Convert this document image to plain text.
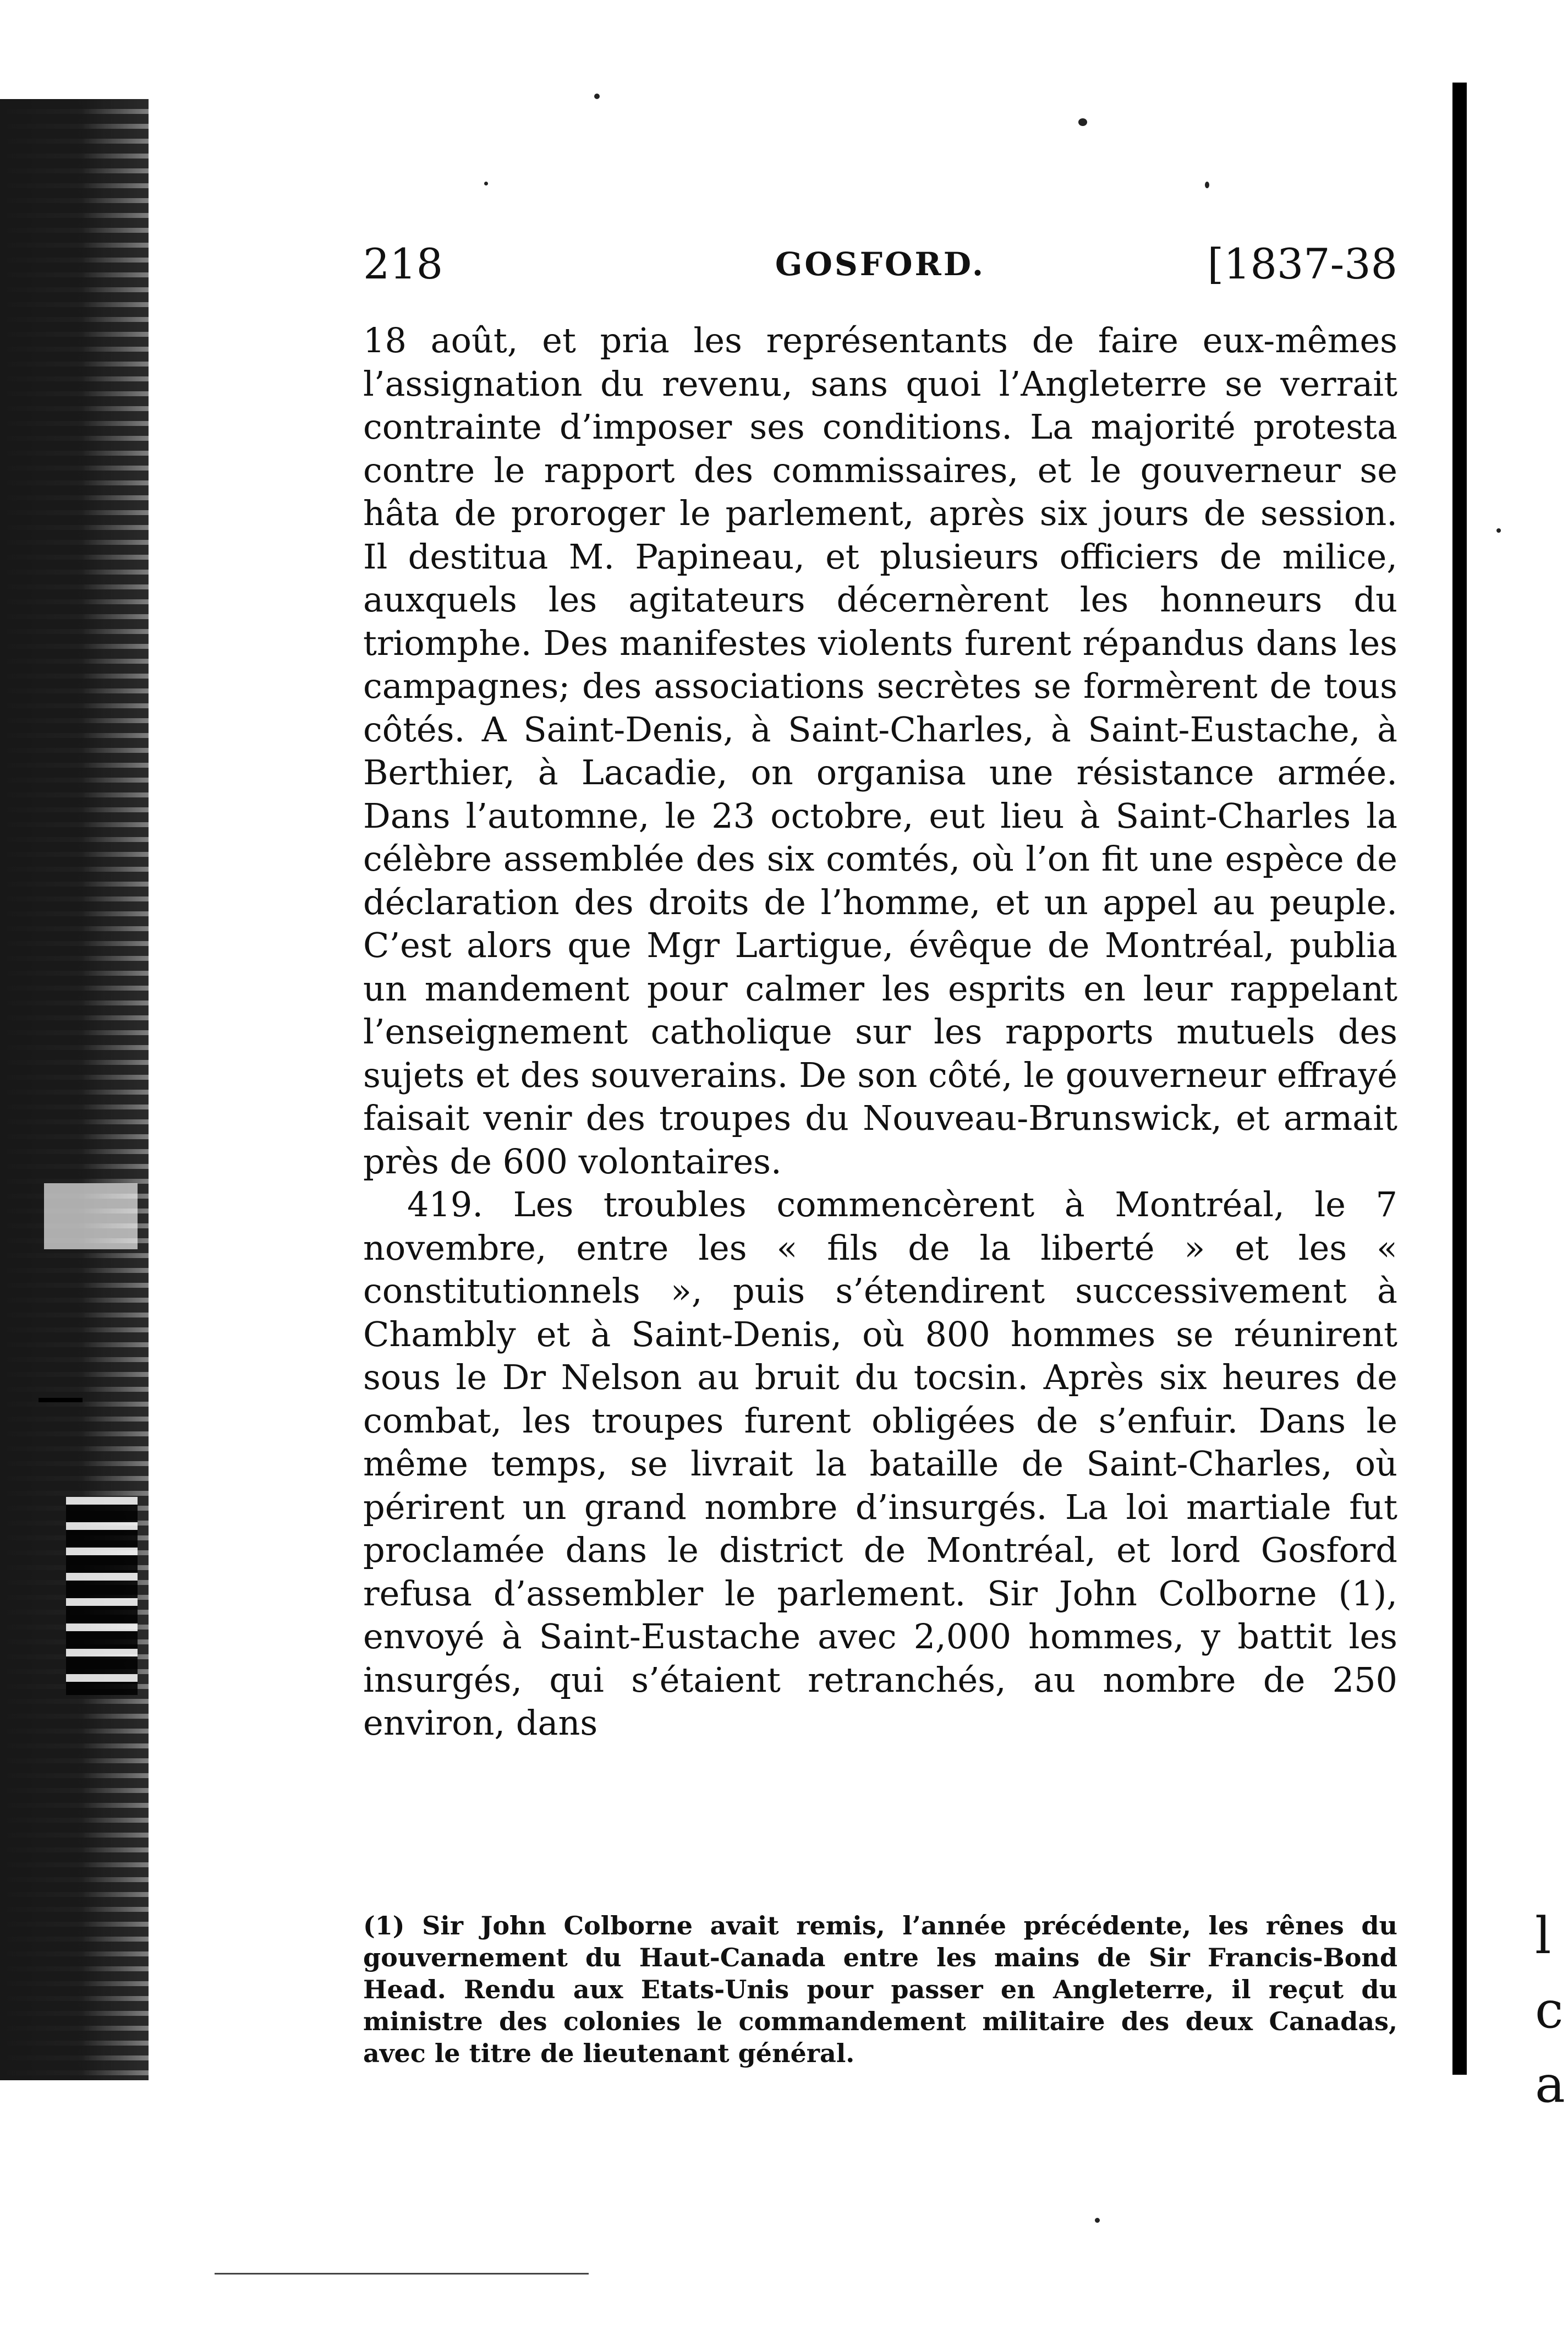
l
c
a
218	GOSFORD.	[1837-38

18 août, et pria les représentants de faire eux-mêmes l’assignation du revenu, sans quoi l’Angleterre se verrait contrainte d’imposer ses conditions. La majorité protesta contre le rapport des commissaires, et le gouverneur se hâta de proroger le parlement, après six jours de session. Il destitua M. Papineau, et plusieurs officiers de milice, auxquels les agitateurs décernèrent les honneurs du triomphe. Des manifestes violents furent répandus dans les campagnes; des associations secrètes se formèrent de tous côtés. A Saint-Denis, à Saint-Charles, à Saint-Eustache, à Berthier, à Lacadie, on organisa une résistance armée. Dans l’automne, le 23 octobre, eut lieu à Saint-Charles la célèbre assemblée des six comtés, où l’on fit une espèce de déclaration des droits de l’homme, et un appel au peuple. C’est alors que Mgr Lartigue, évêque de Montréal, publia un mandement pour calmer les esprits en leur rappelant l’enseignement catholique sur les rapports mutuels des sujets et des souverains. De son côté, le gouverneur effrayé faisait venir des troupes du Nouveau-Brunswick, et armait près de 600 volontaires.

419. Les troubles commencèrent à Montréal, le 7 novembre, entre les « fils de la liberté » et les « constitutionnels », puis s’étendirent successivement à Chambly et à Saint-Denis, où 800 hommes se réunirent sous le Dr Nelson au bruit du tocsin. Après six heures de combat, les troupes furent obligées de s’enfuir. Dans le même temps, se livrait la bataille de Saint-Charles, où périrent un grand nombre d’insurgés. La loi martiale fut proclamée dans le district de Montréal, et lord Gosford refusa d’assembler le parlement. Sir John Colborne (1), envoyé à Saint-Eustache avec 2,000 hommes, y battit les insurgés, qui s’étaient retranchés, au nombre de 250 environ, dans

(1) Sir John Colborne avait remis, l’année précédente, les rênes du gouvernement du Haut-Canada entre les mains de Sir Francis-Bond Head. Rendu aux Etats-Unis pour passer en Angleterre, il reçut du ministre des colonies le commandement militaire des deux Canadas, avec le titre de lieutenant général.
